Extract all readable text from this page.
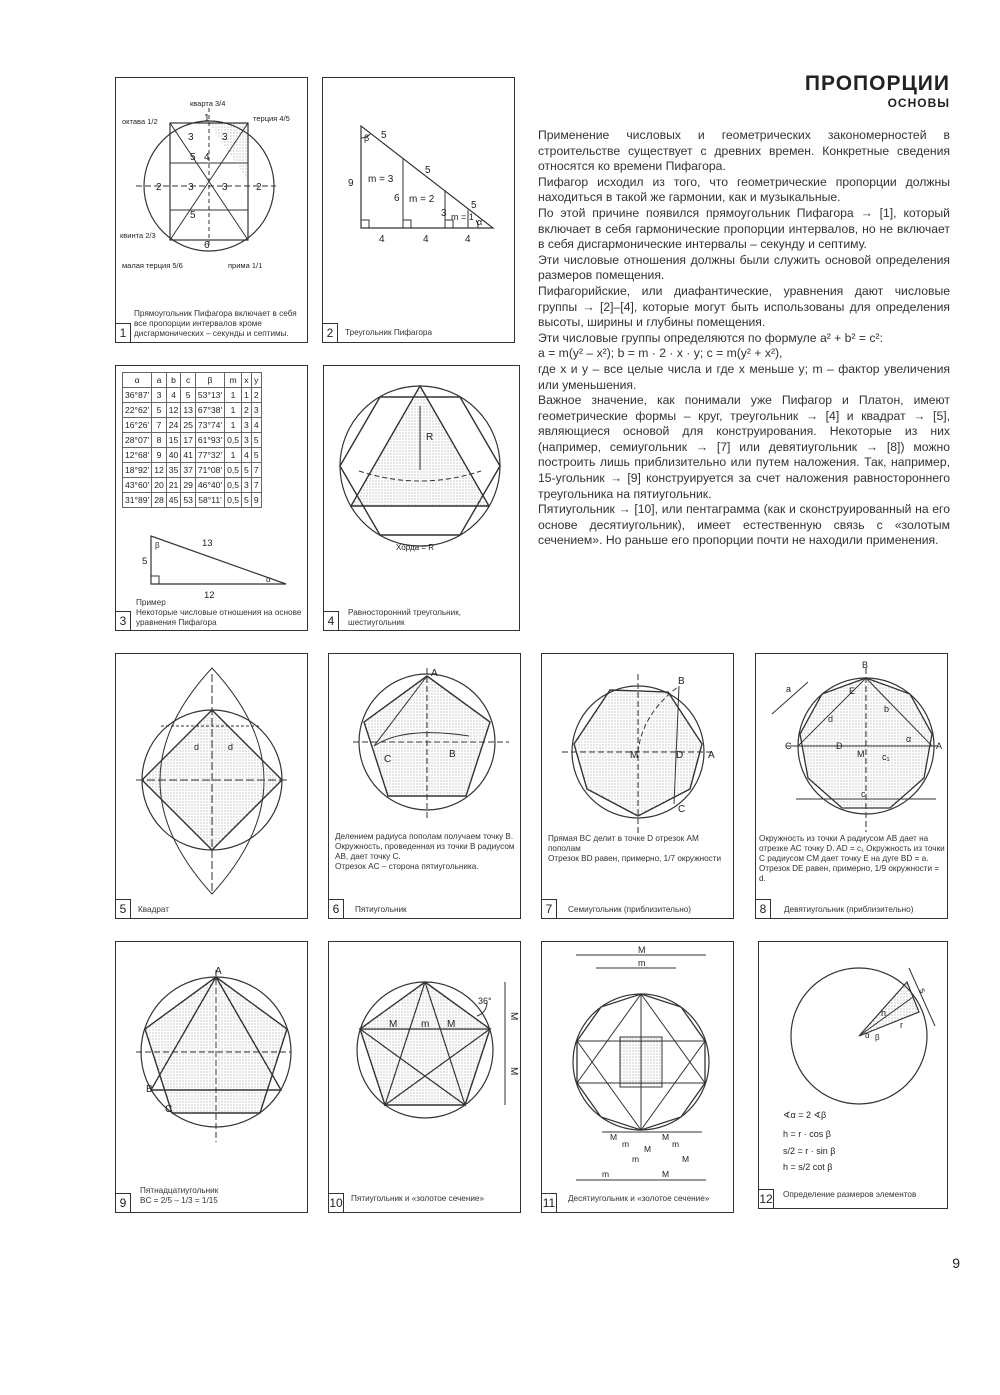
ПРОПОРЦИИ
ОСНОВЫ

Применение числовых и геометрических закономерностей в строительстве существует с древних времен. Конкретные сведения относятся ко времени Пифагора.

Пифагор исходил из того, что геометрические пропорции должны находиться в такой же гармонии, как и музыкальные.

По этой причине появился прямоугольник Пифагора → [1], который включает в себя гармонические пропорции интервалов, но не включает в себя дисгармонические интервалы – секунду и септиму.

Эти числовые отношения должны были служить основой определения размеров помещения.

Пифагорийские, или диафантические, уравнения дают числовые группы → [2]–[4], которые могут быть использованы для определения высоты, ширины и глубины помещения.

Эти числовые группы определяются по формуле a² + b² = c²:

a = m(y² – x²); b = m · 2 · x · y; c = m(y² + x²),

где x и y – все целые числа и где x меньше y; m – фактор увеличения или уменьшения.

Важное значение, как понимали уже Пифагор и Платон, имеют геометрические формы – круг, треугольник → [4] и квадрат → [5], являющиеся основой для конструирования. Некоторые из них (например, семиугольник → [7] или девятиугольник → [8]) можно построить лишь приблизительно или путем наложения. Так, например, 15-угольник → [9] конструируется за счет наложения равностороннего треугольника на пятиугольник.

Пятиугольник → [10], или пентаграмма (как и сконструированный на его основе десятиугольник), имеет естественную связь с «золотым сечением». Но раньше его пропорции почти не находили применения.

кварта 3/4
октава 1/2	терция 4/5
квинта 2/3
малая терция 5/6	прима 1/1
1
2	2
3	3
3	3
4
5
5
6
Прямоугольник Пифагора включает в себя все пропорции интервалов кроме дисгармонических – секунды и септимы.
1
β 5
9 m = 3
5
6 m = 2
5
3 m = 1 α
4	4	4
Треугольник Пифагора
2
α	a	b	c	β	m	x	y
36°87'	3	4	5	53°13'	1	1	2
22°62'	5	12	13	67°38'	1	2	3
16°26'	7	24	25	73°74'	1	3	4
28°07'	8	15	17	61°93'	0,5	3	5
12°68'	9	40	41	77°32'	1	4	5
18°92'	12	35	37	71°08'	0,5	5	7
43°60'	20	21	29	46°40'	0,5	3	7
31°89'	28	45	53	58°11'	0,5	5	9
13
5
12
β
α
Пример
Некоторые числовые отношения на основе уравнения Пифагора
3
R
Хорда = R
Равносторонний треугольник,
шестиугольник
4
d	d
Квадрат
5
A
B
C
Делением радиуса пополам получаем точку B.
Окружность, проведенная из точки B радиусом AB, дает точку C.
Отрезок AC – сторона пятиугольника.
Пятиугольник
6
B
A
D
M
C
Прямая BC делит в точке D отрезок AM пополам
Отрезок BD равен, примерно, 1/7 окружности
Семиугольник (приблизительно)
7
a
B
E
d
b
C
M
D	A
α
c₁
c
Окружность из точки A радиусом AB дает на отрезке AC точку D. AD = c₁ Окружность из точки C радиусом CM дает точку E на дуге BD = a. Отрезок DE равен, примерно, 1/9 окружности = d.
Девятиугольник (приблизительно)
8
A
B
C
Пятнадцатиугольник
BC = 2/5 – 1/3 = 1/15
9
36°
M m M
M
M
Пятиугольник и «золотое сечение»
10
M
m
M
m
M
m
M
m	M
m	M
Десятиугольник и «золотое сечение»
11
s
h
r
α β
∢α = 2 ∢β
h = r · cos β
s/2 = r · sin β
h = s/2 cot β
Определение размеров элементов
12
9
